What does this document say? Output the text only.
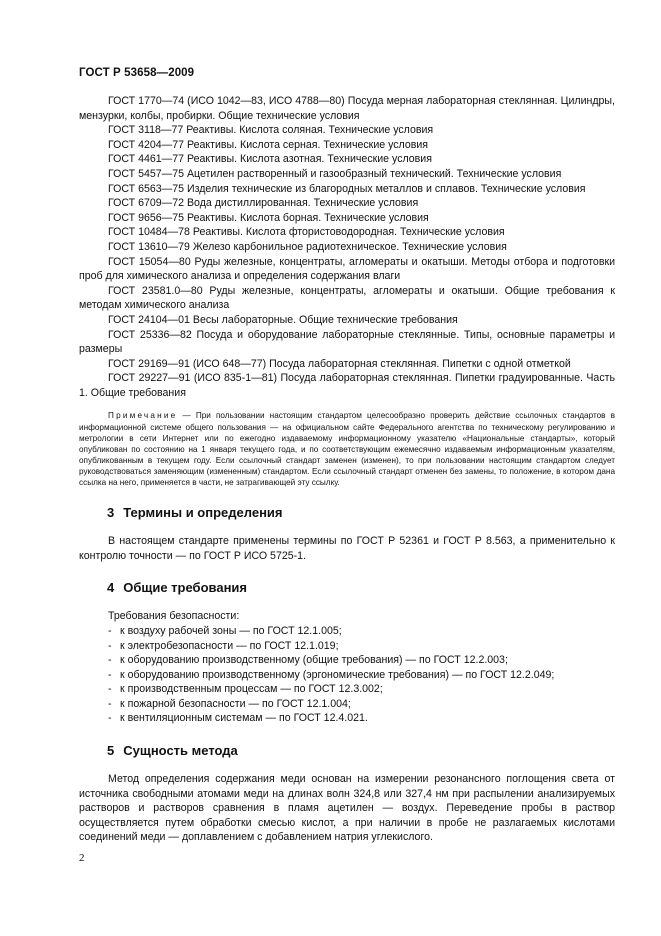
ГОСТ Р 53658—2009

ГОСТ 1770—74 (ИСО 1042—83, ИСО 4788—80) Посуда мерная лабораторная стеклянная. Цилиндры, мензурки, колбы, пробирки. Общие технические условия

ГОСТ 3118—77 Реактивы. Кислота соляная. Технические условия

ГОСТ 4204—77 Реактивы. Кислота серная. Технические условия

ГОСТ 4461—77 Реактивы. Кислота азотная. Технические условия

ГОСТ 5457—75 Ацетилен растворенный и газообразный технический. Технические условия

ГОСТ 6563—75 Изделия технические из благородных металлов и сплавов. Технические условия

ГОСТ 6709—72 Вода дистиллированная. Технические условия

ГОСТ 9656—75 Реактивы. Кислота борная. Технические условия

ГОСТ 10484—78 Реактивы. Кислота фтористоводородная. Технические условия

ГОСТ 13610—79 Железо карбонильное радиотехническое. Технические условия

ГОСТ 15054—80 Руды железные, концентраты, агломераты и окатыши. Методы отбора и подготовки проб для химического анализа и определения содержания влаги

ГОСТ 23581.0—80 Руды железные, концентраты, агломераты и окатыши. Общие требования к методам химического анализа

ГОСТ 24104—01 Весы лабораторные. Общие технические требования

ГОСТ 25336—82 Посуда и оборудование лабораторные стеклянные. Типы, основные параметры и размеры

ГОСТ 29169—91 (ИСО 648—77) Посуда лабораторная стеклянная. Пипетки с одной отметкой

ГОСТ 29227—91 (ИСО 835-1—81) Посуда лабораторная стеклянная. Пипетки градуированные. Часть 1. Общие требования

Примечание — При пользовании настоящим стандартом целесообразно проверить действие ссылочных стандартов в информационной системе общего пользования — на официальном сайте Федерального агентства по техническому регулированию и метрологии в сети Интернет или по ежегодно издаваемому информационному указателю «Национальные стандарты», который опубликован по состоянию на 1 января текущего года, и по соответствующим ежемесячно издаваемым информационным указателям, опубликованным в текущем году. Если ссылочный стандарт заменен (изменен), то при пользовании настоящим стандартом следует руководствоваться заменяющим (измененным) стандартом. Если ссылочный стандарт отменен без замены, то положение, в котором дана ссылка на него, применяется в части, не затрагивающей эту ссылку.

3 Термины и определения

В настоящем стандарте применены термины по ГОСТ Р 52361 и ГОСТ Р 8.563, а применительно к контролю точности — по ГОСТ Р ИСО 5725-1.

4 Общие требования

Требования безопасности:

- к воздуху рабочей зоны — по ГОСТ 12.1.005;
- к электробезопасности — по ГОСТ 12.1.019;
- к оборудованию производственному (общие требования) — по ГОСТ 12.2.003;
- к оборудованию производственному (эргономические требования) — по ГОСТ 12.2.049;
- к производственным процессам — по ГОСТ 12.3.002;
- к пожарной безопасности — по ГОСТ 12.1.004;
- к вентиляционным системам — по ГОСТ 12.4.021.
5 Сущность метода

Метод определения содержания меди основан на измерении резонансного поглощения света от источника свободными атомами меди на длинах волн 324,8 или 327,4 нм при распылении анализируемых растворов и растворов сравнения в пламя ацетилен — воздух. Переведение пробы в раствор осуществляется путем обработки смесью кислот, а при наличии в пробе не разлагаемых кислотами соединений меди — доплавлением с добавлением натрия углекислого.

2
